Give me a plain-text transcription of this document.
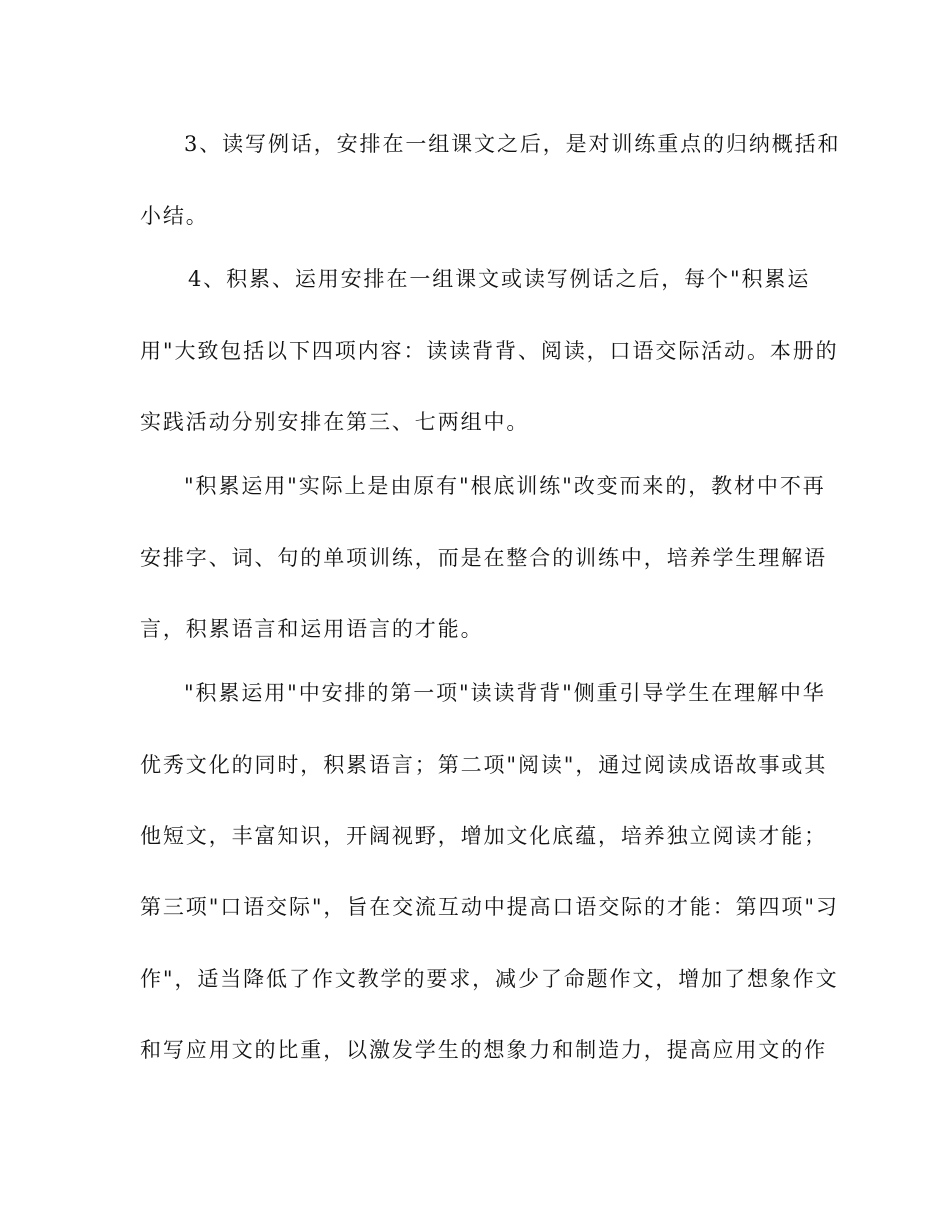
3、读写例话，安排在一组课文之后，是对训练重点的归纳概括和
小结。
4、积累、运用安排在一组课文或读写例话之后，每个"积累运
用"大致包括以下四项内容：读读背背、阅读，口语交际活动。本册的
实践活动分别安排在第三、七两组中。
"积累运用"实际上是由原有"根底训练"改变而来的，教材中不再
安排字、词、句的单项训练，而是在整合的训练中，培养学生理解语
言，积累语言和运用语言的才能。
"积累运用"中安排的第一项"读读背背"侧重引导学生在理解中华
优秀文化的同时，积累语言；第二项"阅读"，通过阅读成语故事或其
他短文，丰富知识，开阔视野，增加文化底蕴，培养独立阅读才能；
第三项"口语交际"，旨在交流互动中提高口语交际的才能：第四项"习
作"，适当降低了作文教学的要求，减少了命题作文，增加了想象作文
和写应用文的比重，以激发学生的想象力和制造力，提高应用文的作
